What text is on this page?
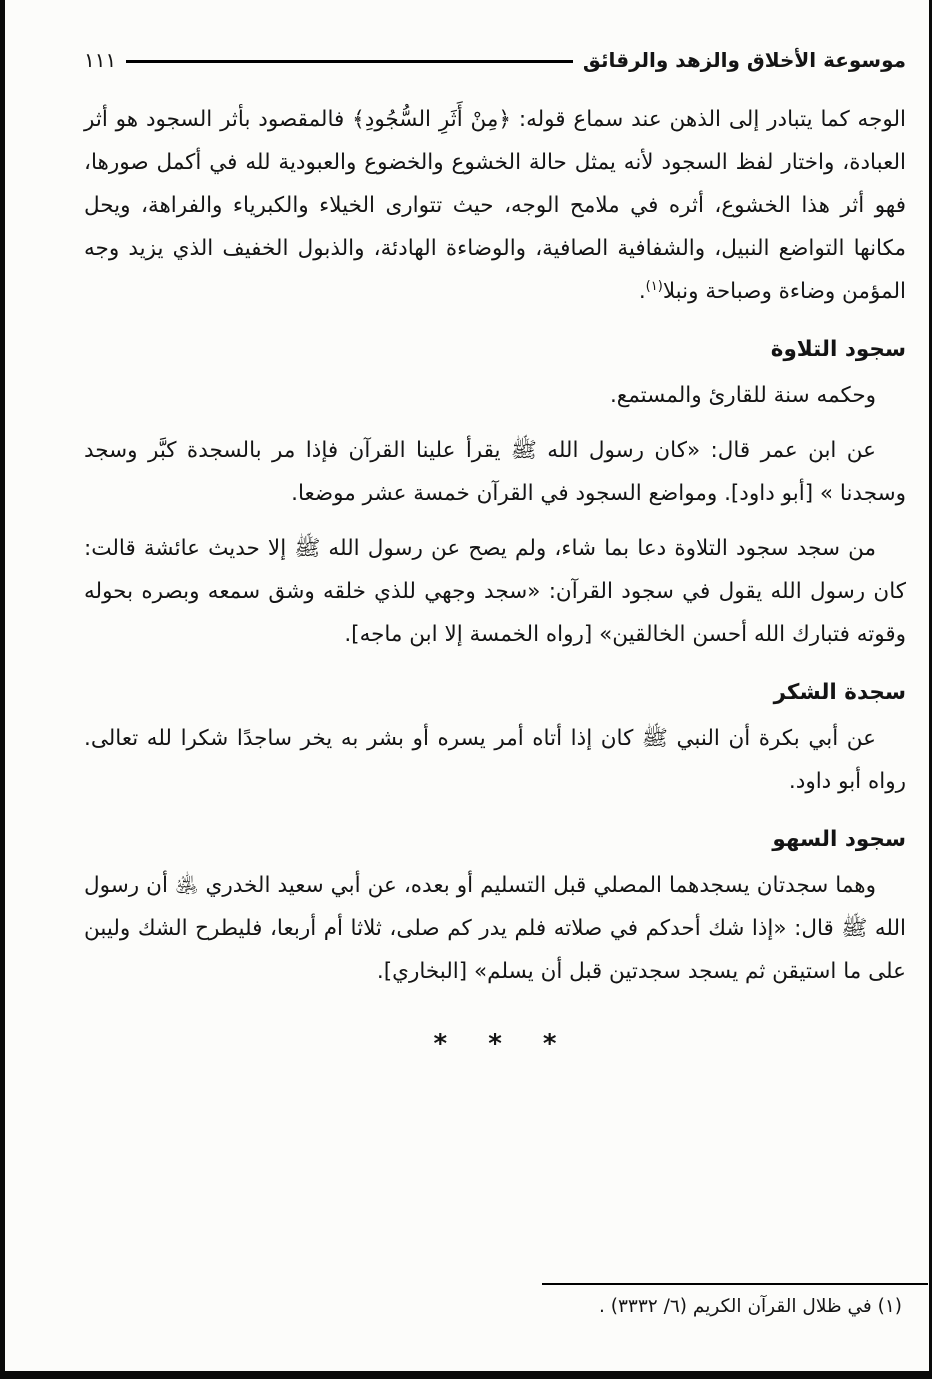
موسوعة الأخلاق والزهد والرقائق
١١١

الوجه كما يتبادر إلى الذهن عند سماع قوله: ﴿مِنْ أَثَرِ السُّجُودِ﴾ فالمقصود بأثر السجود هو أثر العبادة، واختار لفظ السجود لأنه يمثل حالة الخشوع والخضوع والعبودية لله في أكمل صورها، فهو أثر هذا الخشوع، أثره في ملامح الوجه، حيث تتوارى الخيلاء والكبرياء والفراهة، ويحل مكانها التواضع النبيل، والشفافية الصافية، والوضاءة الهادئة، والذبول الخفيف الذي يزيد وجه المؤمن وضاءة وصباحة ونبلا$^{(١)}$.

سجود التلاوة

وحكمه سنة للقارئ والمستمع.

عن ابن عمر قال: «كان رسول الله ﷺ يقرأ علينا القرآن فإذا مر بالسجدة كبَّر وسجد وسجدنا » [أبو داود]. ومواضع السجود في القرآن خمسة عشر موضعا.

من سجد سجود التلاوة دعا بما شاء، ولم يصح عن رسول الله ﷺ إلا حديث عائشة قالت: كان رسول الله يقول في سجود القرآن: «سجد وجهي للذي خلقه وشق سمعه وبصره بحوله وقوته فتبارك الله أحسن الخالقين» [رواه الخمسة إلا ابن ماجه].

سجدة الشكر

عن أبي بكرة أن النبي ﷺ كان إذا أتاه أمر يسره أو بشر به يخر ساجدًا شكرا لله تعالى. رواه أبو داود.

سجود السهو

وهما سجدتان يسجدهما المصلي قبل التسليم أو بعده، عن أبي سعيد الخدري ﵁ أن رسول الله ﷺ قال: «إذا شك أحدكم في صلاته فلم يدر كم صلى، ثلاثا أم أربعا، فليطرح الشك وليبن على ما استيقن ثم يسجد سجدتين قبل أن يسلم» [البخاري].

* * *
(١) في ظلال القرآن الكريم (٦/ ٣٣٣٢) .
